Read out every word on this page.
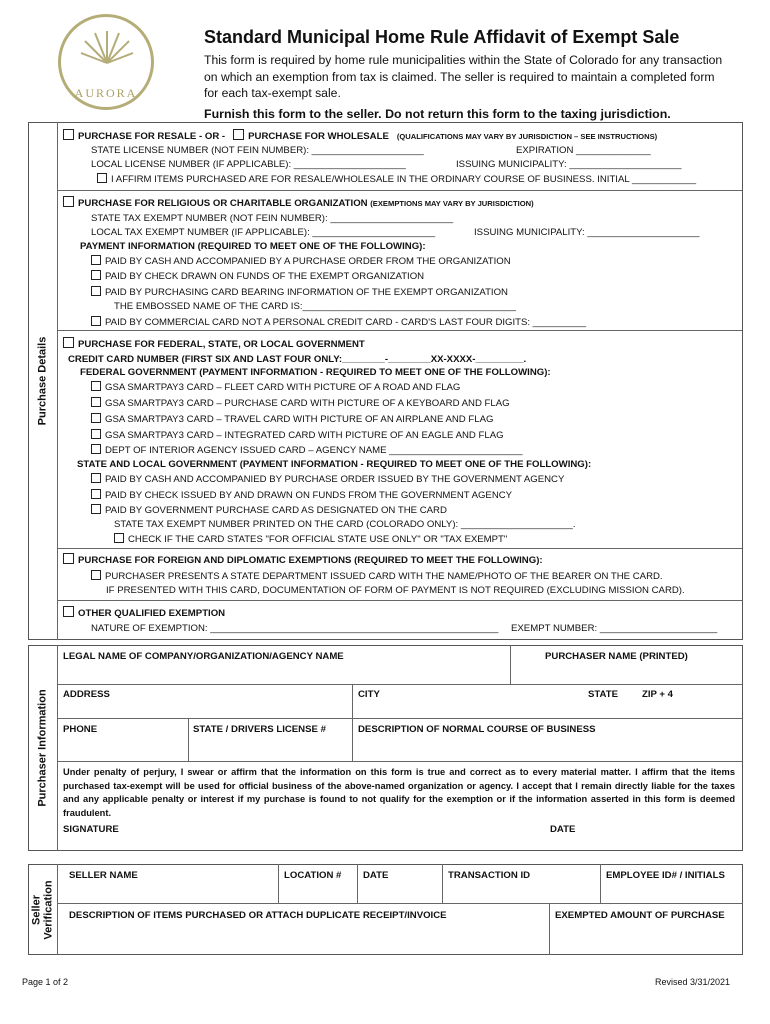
AURORA
Standard Municipal Home Rule Affidavit of Exempt Sale
This form is required by home rule municipalities within the State of Colorado for any transaction on which an exemption from tax is claimed. The seller is required to maintain a completed form for each tax-exempt sale.
Furnish this form to the seller. Do not return this form to the taxing jurisdiction.
Purchase Details
PURCHASE FOR RESALE - OR - PURCHASE FOR WHOLESALE (QUALIFICATIONS MAY VARY BY JURISDICTION – SEE INSTRUCTIONS)
STATE LICENSE NUMBER (NOT FEIN NUMBER): _____________________	EXPIRATION ______________
LOCAL LICENSE NUMBER (IF APPLICABLE): _____________________	ISSUING MUNICIPALITY: _____________________
I AFFIRM ITEMS PURCHASED ARE FOR RESALE/WHOLESALE IN THE ORDINARY COURSE OF BUSINESS. INITIAL ____________
PURCHASE FOR RELIGIOUS OR CHARITABLE ORGANIZATION (EXEMPTIONS MAY VARY BY JURISDICTION)
STATE TAX EXEMPT NUMBER (NOT FEIN NUMBER): _______________________
LOCAL TAX EXEMPT NUMBER (IF APPLICABLE): _______________________	ISSUING MUNICIPALITY: _____________________
PAYMENT INFORMATION (REQUIRED TO MEET ONE OF THE FOLLOWING):
PAID BY CASH AND ACCOMPANIED BY A PURCHASE ORDER FROM THE ORGANIZATION
PAID BY CHECK DRAWN ON FUNDS OF THE EXEMPT ORGANIZATION
PAID BY PURCHASING CARD BEARING INFORMATION OF THE EXEMPT ORGANIZATION
THE EMBOSSED NAME OF THE CARD IS:________________________________________
PAID BY COMMERCIAL CARD NOT A PERSONAL CREDIT CARD - CARD'S LAST FOUR DIGITS: __________
PURCHASE FOR FEDERAL, STATE, OR LOCAL GOVERNMENT
CREDIT CARD NUMBER (FIRST SIX AND LAST FOUR ONLY:________-________XX-XXXX-_________.
FEDERAL GOVERNMENT (PAYMENT INFORMATION - REQUIRED TO MEET ONE OF THE FOLLOWING):
GSA SMARTPAY3 CARD – FLEET CARD WITH PICTURE OF A ROAD AND FLAG
GSA SMARTPAY3 CARD – PURCHASE CARD WITH PICTURE OF A KEYBOARD AND FLAG
GSA SMARTPAY3 CARD – TRAVEL CARD WITH PICTURE OF AN AIRPLANE AND FLAG
GSA SMARTPAY3 CARD – INTEGRATED CARD WITH PICTURE OF AN EAGLE AND FLAG
DEPT OF INTERIOR AGENCY ISSUED CARD – AGENCY NAME _________________________
STATE AND LOCAL GOVERNMENT (PAYMENT INFORMATION - REQUIRED TO MEET ONE OF THE FOLLOWING):
PAID BY CASH AND ACCOMPANIED BY PURCHASE ORDER ISSUED BY THE GOVERNMENT AGENCY
PAID BY CHECK ISSUED BY AND DRAWN ON FUNDS FROM THE GOVERNMENT AGENCY
PAID BY GOVERNMENT PURCHASE CARD AS DESIGNATED ON THE CARD
STATE TAX EXEMPT NUMBER PRINTED ON THE CARD (COLORADO ONLY): _____________________.
CHECK IF THE CARD STATES "FOR OFFICIAL STATE USE ONLY" OR "TAX EXEMPT"
PURCHASE FOR FOREIGN AND DIPLOMATIC EXEMPTIONS (REQUIRED TO MEET THE FOLLOWING):
PURCHASER PRESENTS A STATE DEPARTMENT ISSUED CARD WITH THE NAME/PHOTO OF THE BEARER ON THE CARD.
IF PRESENTED WITH THIS CARD, DOCUMENTATION OF FORM OF PAYMENT IS NOT REQUIRED (EXCLUDING MISSION CARD).
OTHER QUALIFIED EXEMPTION
NATURE OF EXEMPTION: ______________________________________________________ EXEMPT NUMBER: ______________________
Purchaser Information
LEGAL NAME OF COMPANY/ORGANIZATION/AGENCY NAME	PURCHASER NAME (PRINTED)
ADDRESS	CITY	STATE ZIP + 4
PHONE	STATE / DRIVERS LICENSE #	DESCRIPTION OF NORMAL COURSE OF BUSINESS
Under penalty of perjury, I swear or affirm that the information on this form is true and correct as to every material matter. I affirm that the items purchased tax-exempt will be used for official business of the above-named organization or agency. I accept that I remain directly liable for the taxes and any applicable penalty or interest if my purchase is found to not qualify for the exemption or if the information asserted in this form is deemed fraudulent.
SIGNATURE	DATE
Seller
Verification
SELLER NAME	LOCATION # DATE	TRANSACTION ID	EMPLOYEE ID# / INITIALS
DESCRIPTION OF ITEMS PURCHASED OR ATTACH DUPLICATE RECEIPT/INVOICE	EXEMPTED AMOUNT OF PURCHASE
Page 1 of 2	Revised 3/31/2021
